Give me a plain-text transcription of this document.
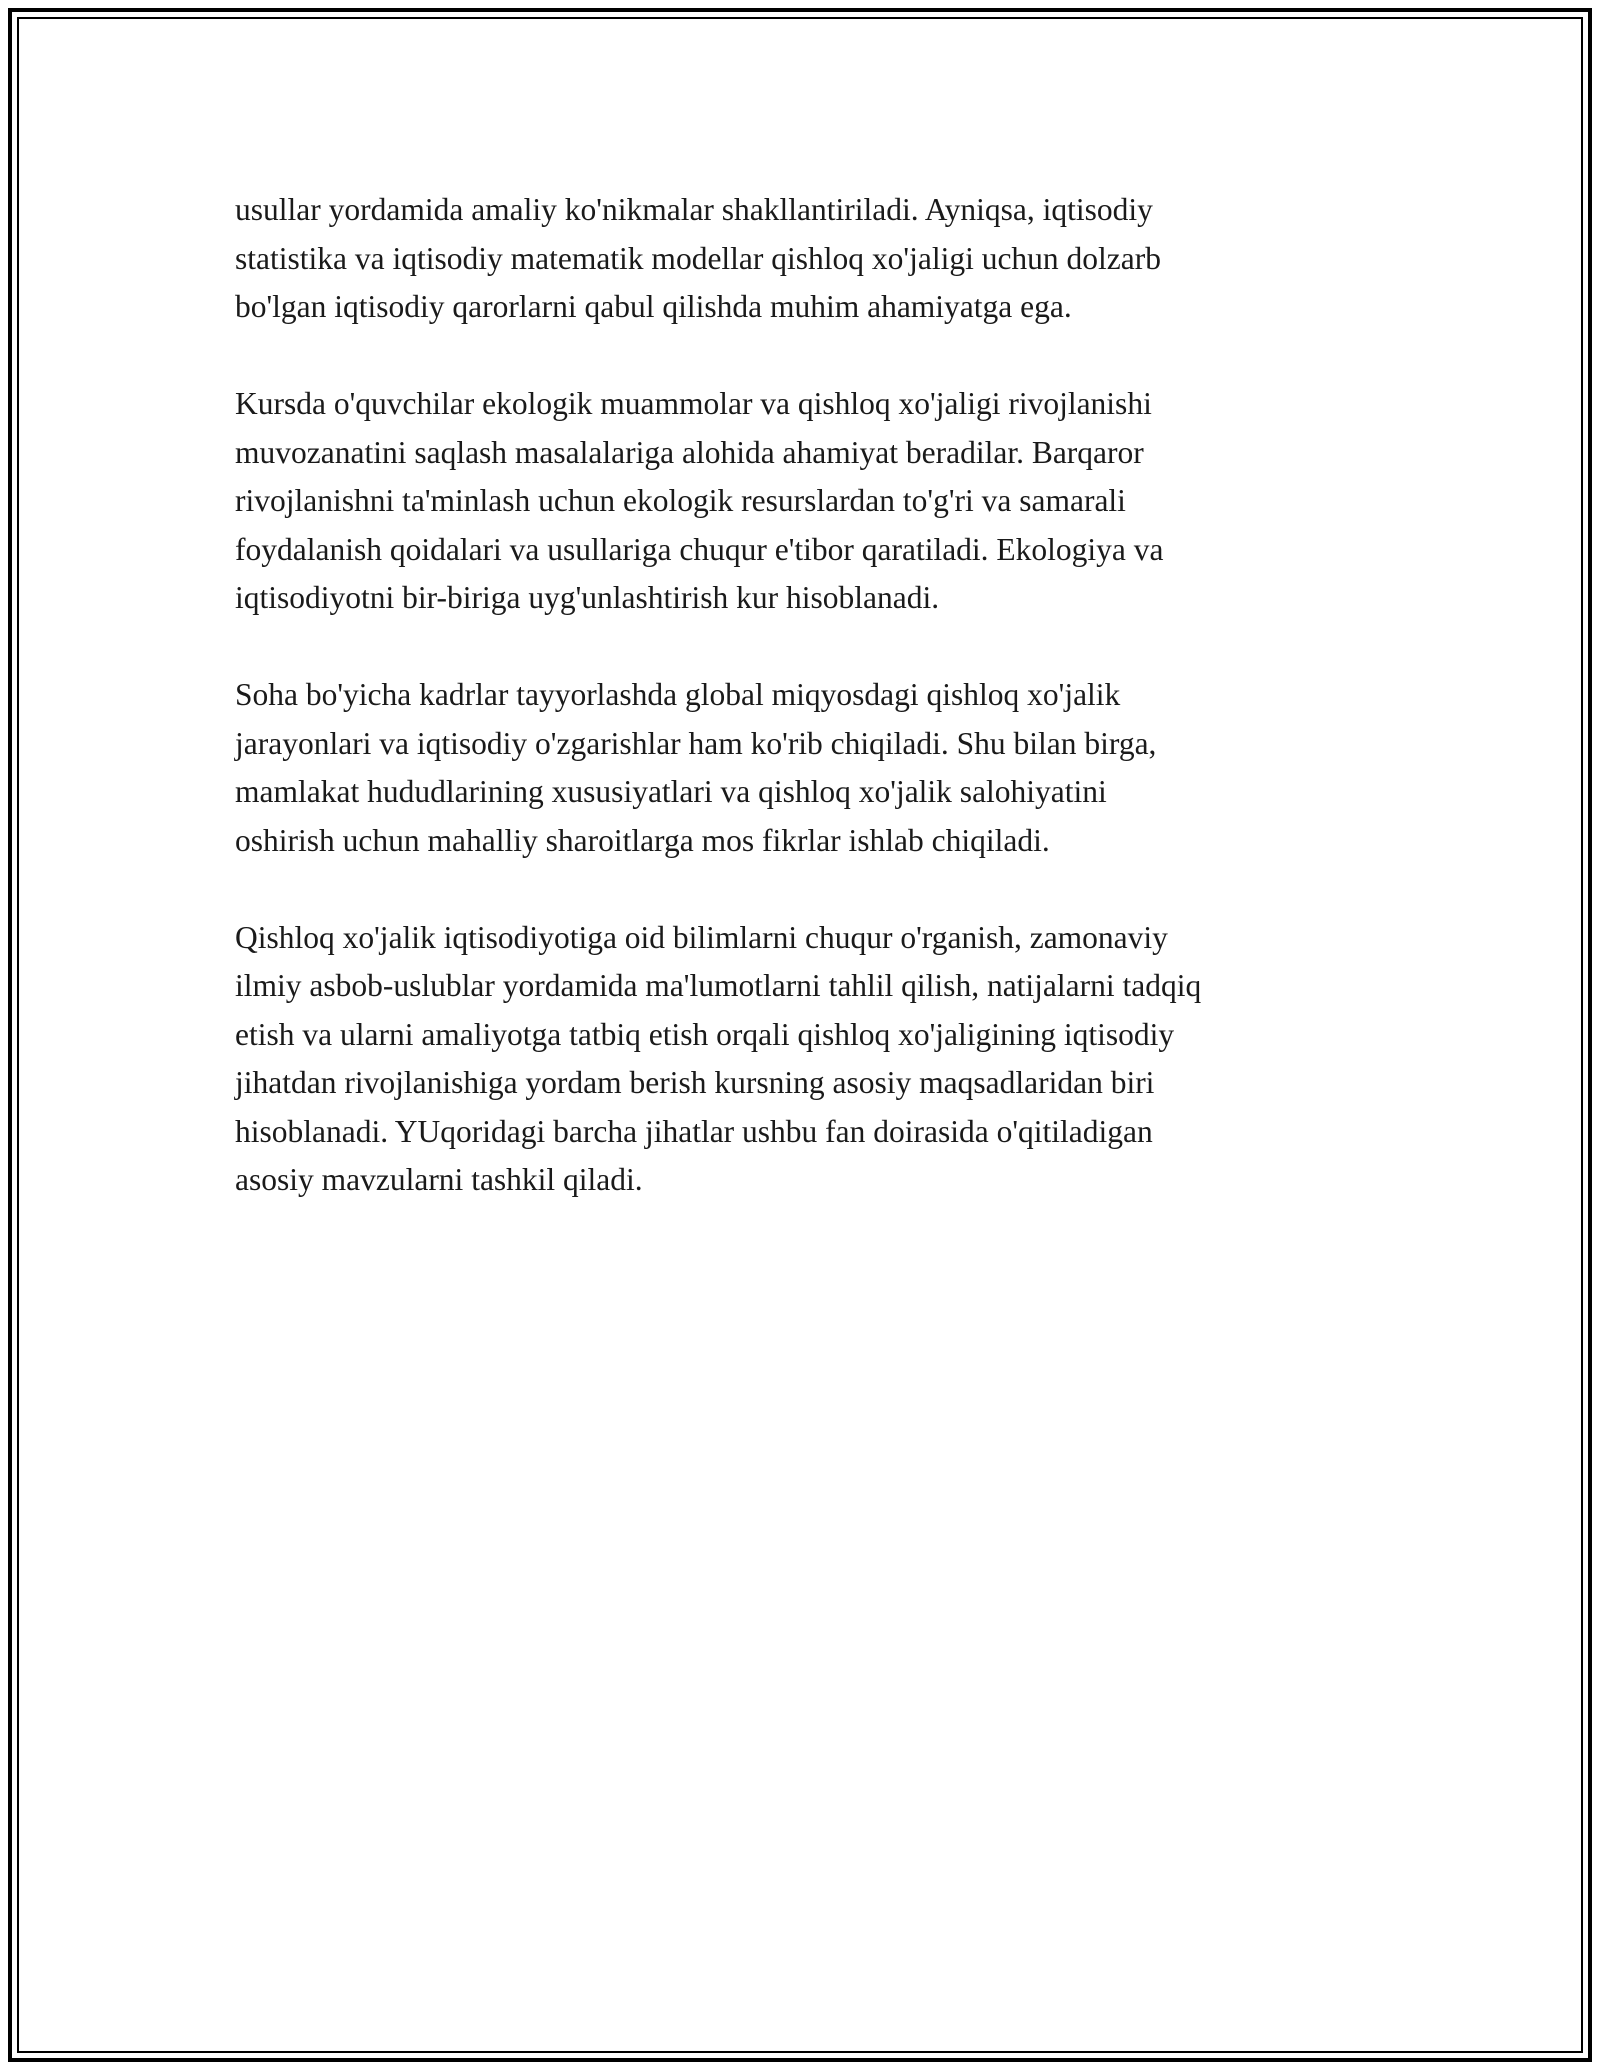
usullar yordamida amaliy ko'nikmalar shakllantiriladi. Ayniqsa, iqtisodiy
statistika va iqtisodiy matematik modellar qishloq xo'jaligi uchun dolzarb
bo'lgan iqtisodiy qarorlarni qabul qilishda muhim ahamiyatga ega.

Kursda o'quvchilar ekologik muammolar va qishloq xo'jaligi rivojlanishi
muvozanatini saqlash masalalariga alohida ahamiyat beradilar. Barqaror
rivojlanishni ta'minlash uchun ekologik resurslardan to'g'ri va samarali
foydalanish qoidalari va usullariga chuqur e'tibor qaratiladi. Ekologiya va
iqtisodiyotni bir-biriga uyg'unlashtirish kur hisoblanadi.

Soha bo'yicha kadrlar tayyorlashda global miqyosdagi qishloq xo'jalik
jarayonlari va iqtisodiy o'zgarishlar ham ko'rib chiqiladi. Shu bilan birga,
mamlakat hududlarining xususiyatlari va qishloq xo'jalik salohiyatini
oshirish uchun mahalliy sharoitlarga mos fikrlar ishlab chiqiladi.

Qishloq xo'jalik iqtisodiyotiga oid bilimlarni chuqur o'rganish, zamonaviy
ilmiy asbob-uslublar yordamida ma'lumotlarni tahlil qilish, natijalarni tadqiq
etish va ularni amaliyotga tatbiq etish orqali qishloq xo'jaligining iqtisodiy
jihatdan rivojlanishiga yordam berish kursning asosiy maqsadlaridan biri
hisoblanadi. YUqoridagi barcha jihatlar ushbu fan doirasida o'qitiladigan
asosiy mavzularni tashkil qiladi.
